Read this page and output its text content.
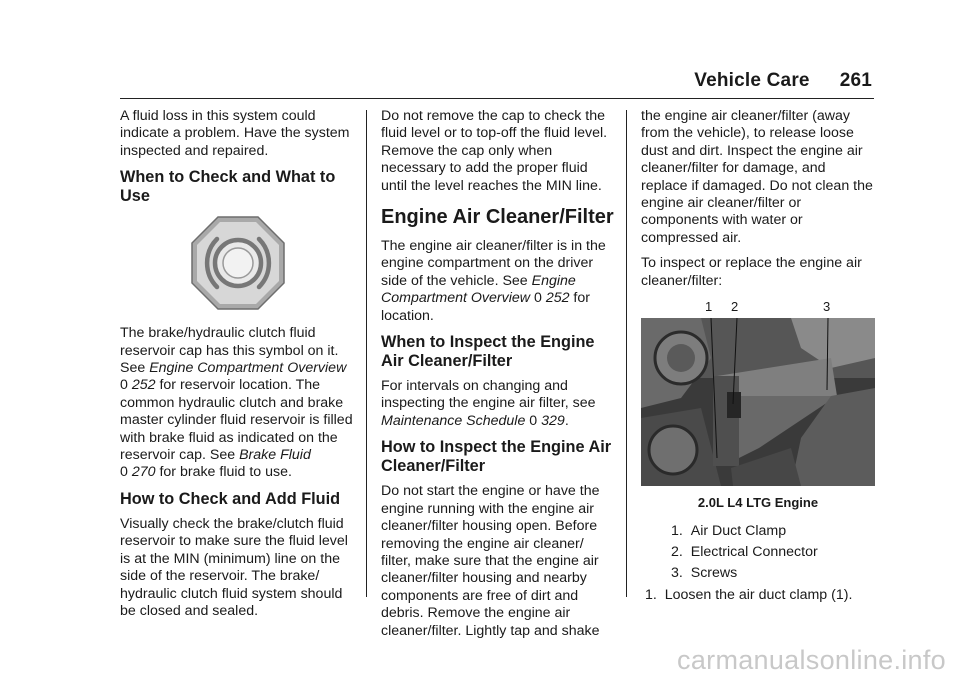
Vehicle Care 261

A fluid loss in this system could indicate a problem. Have the system inspected and repaired.

When to Check and What to Use

The brake/hydraulic clutch fluid reservoir cap has this symbol on it. See Engine Compartment Overview
0 252 for reservoir location. The common hydraulic clutch and brake master cylinder fluid reservoir is filled with brake fluid as indicated on the reservoir cap. See Brake Fluid
0 270 for brake fluid to use.

How to Check and Add Fluid

Visually check the brake/clutch fluid reservoir to make sure the fluid level is at the MIN (minimum) line on the side of the reservoir. The brake/ hydraulic clutch fluid system should be closed and sealed.

Do not remove the cap to check the fluid level or to top-off the fluid level. Remove the cap only when necessary to add the proper fluid until the level reaches the MIN line.

Engine Air Cleaner/Filter

The engine air cleaner/filter is in the engine compartment on the driver side of the vehicle. See Engine Compartment Overview 0 252 for location.

When to Inspect the Engine Air Cleaner/Filter

For intervals on changing and inspecting the engine air filter, see Maintenance Schedule 0 329.

How to Inspect the Engine Air Cleaner/Filter

Do not start the engine or have the engine running with the engine air cleaner/filter housing open. Before removing the engine air cleaner/ filter, make sure that the engine air cleaner/filter housing and nearby components are free of dirt and debris. Remove the engine air cleaner/filter. Lightly tap and shake

the engine air cleaner/filter (away from the vehicle), to release loose dust and dirt. Inspect the engine air cleaner/filter for damage, and replace if damaged. Do not clean the engine air cleaner/filter or components with water or compressed air.

To inspect or replace the engine air cleaner/filter:

1 2	3
2.0L L4 LTG Engine
1. Air Duct Clamp
2. Electrical Connector
3. Screws
1. Loosen the air duct clamp (1).
carmanualsonline.info
